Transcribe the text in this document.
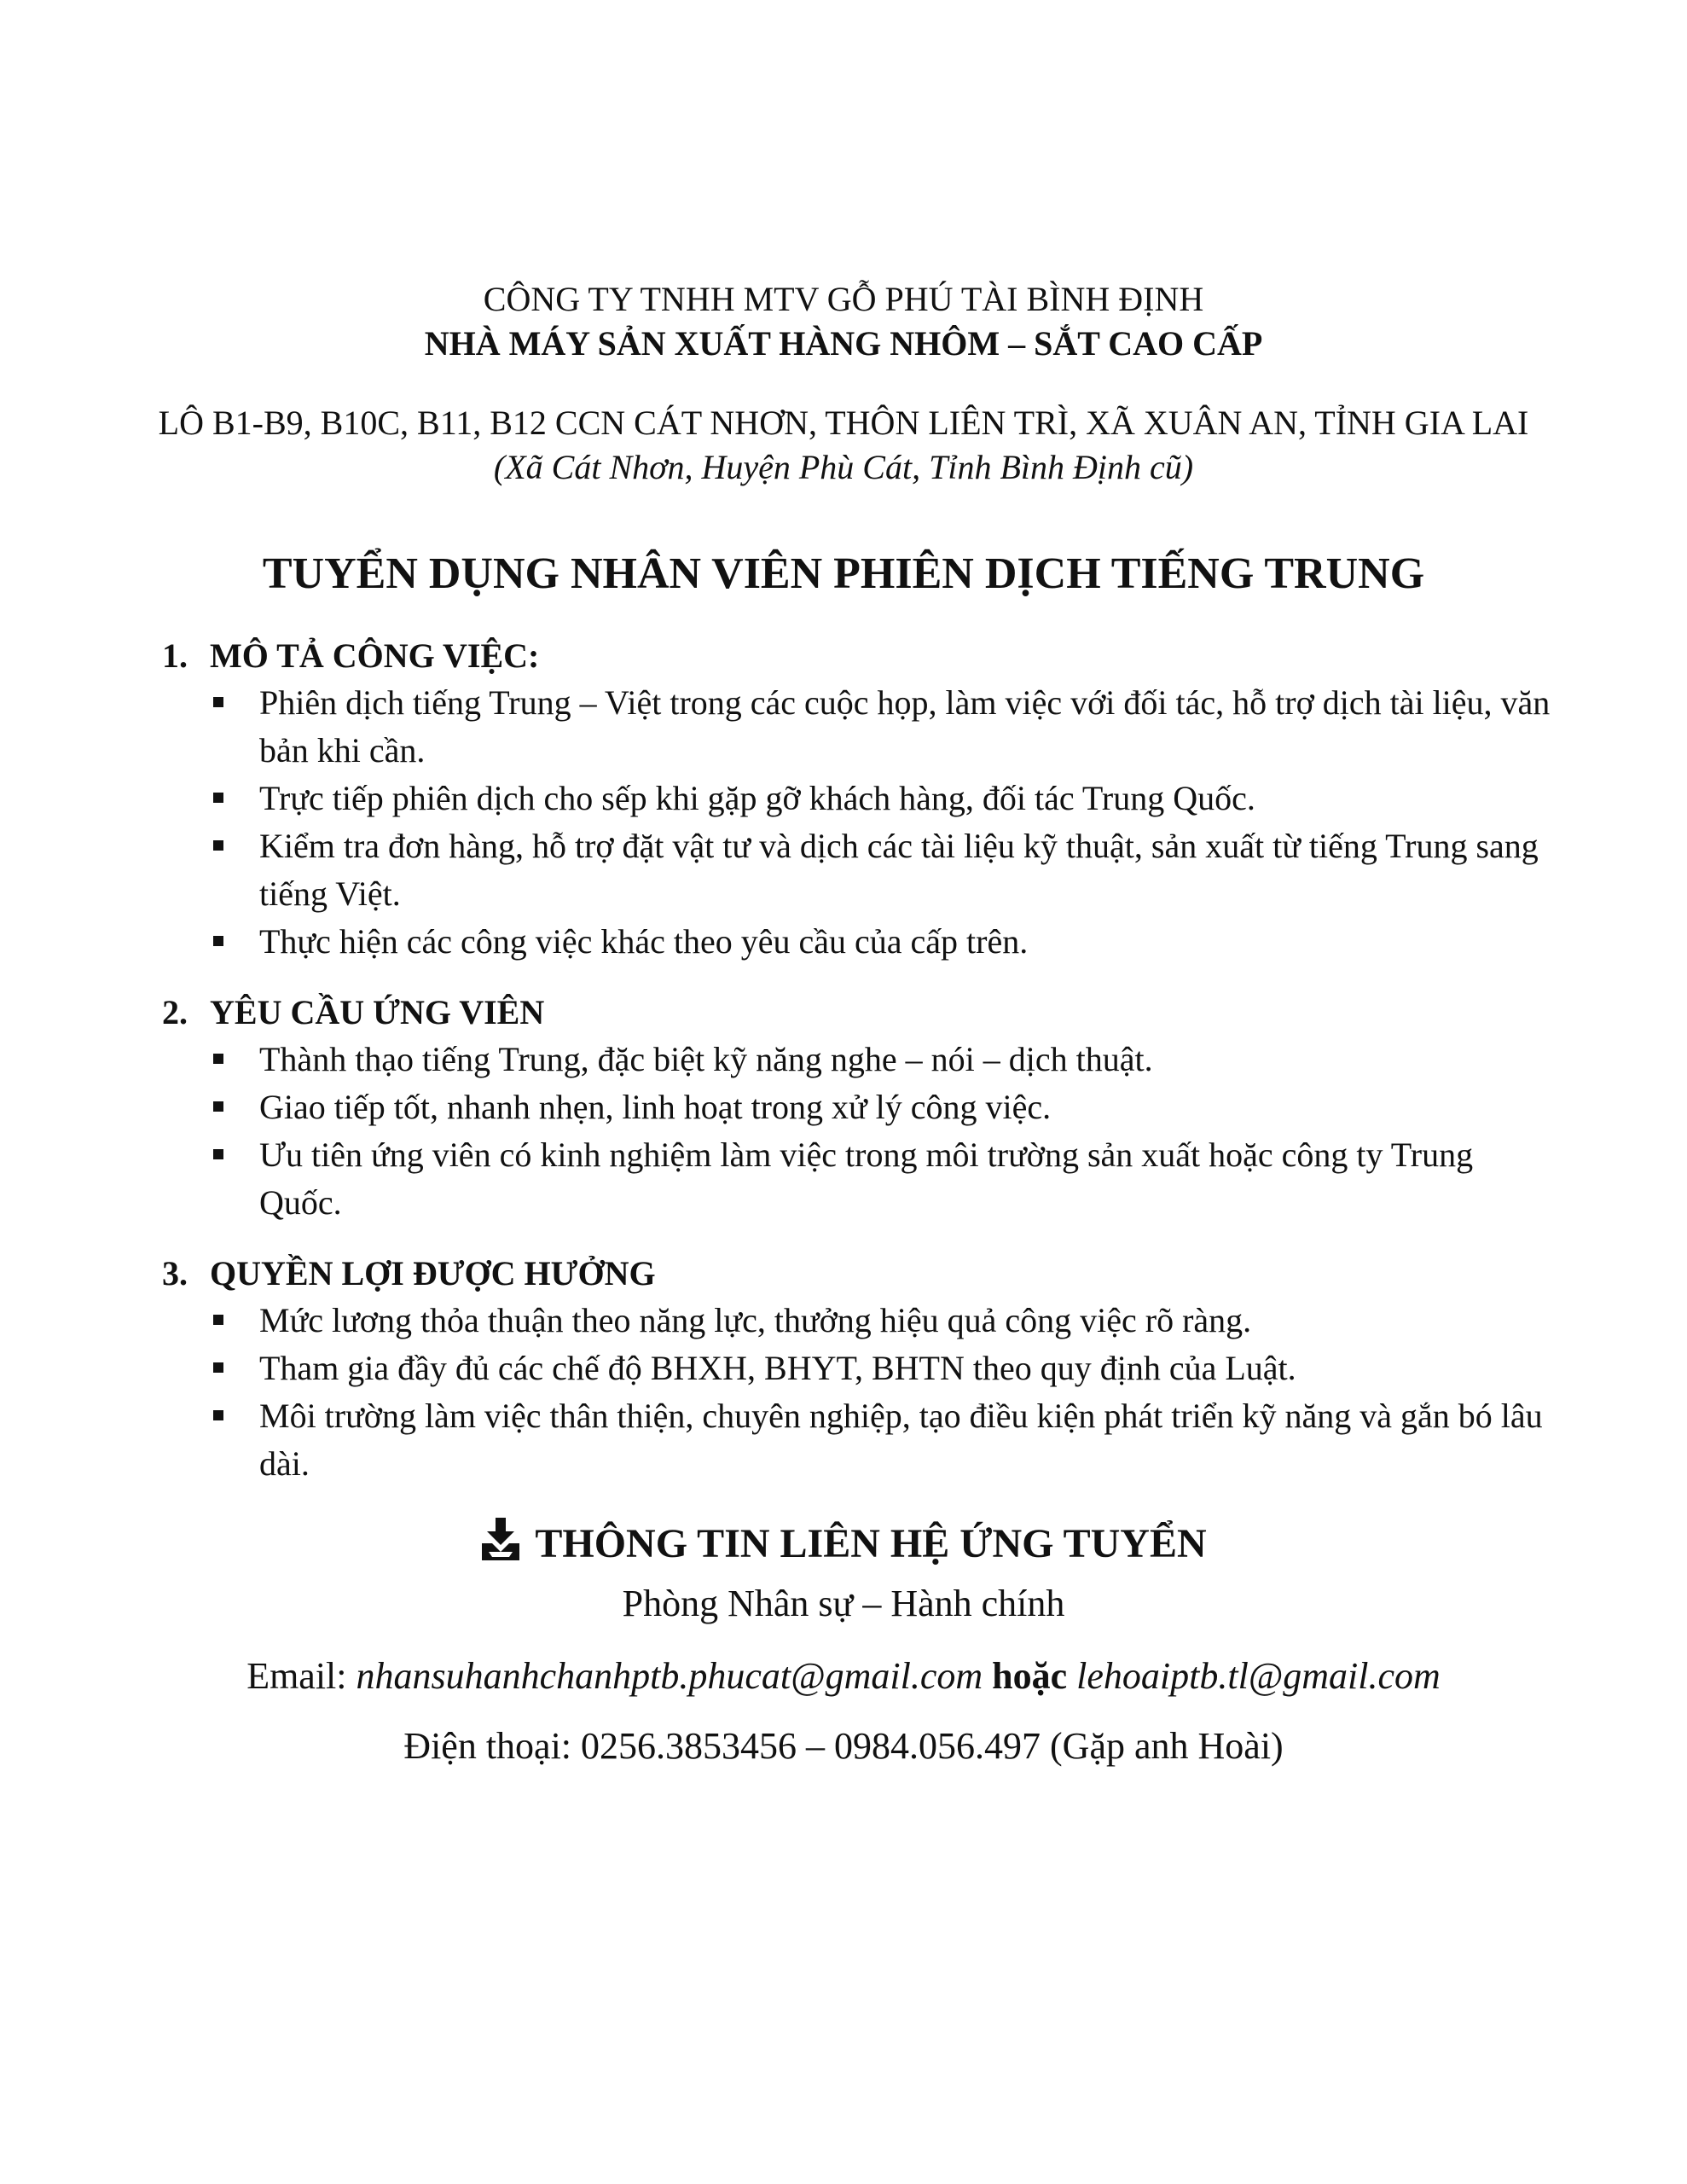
CÔNG TY TNHH MTV GỖ PHÚ TÀI BÌNH ĐỊNH
NHÀ MÁY SẢN XUẤT HÀNG NHÔM – SẮT CAO CẤP
LÔ B1-B9, B10C, B11, B12 CCN CÁT NHƠN, THÔN LIÊN TRÌ, XÃ XUÂN AN, TỈNH GIA LAI
(Xã Cát Nhơn, Huyện Phù Cát, Tỉnh Bình Định cũ)
TUYỂN DỤNG NHÂN VIÊN PHIÊN DỊCH TIẾNG TRUNG
1. MÔ TẢ CÔNG VIỆC:
Phiên dịch tiếng Trung – Việt trong các cuộc họp, làm việc với đối tác, hỗ trợ dịch tài liệu, văn bản khi cần.
Trực tiếp phiên dịch cho sếp khi gặp gỡ khách hàng, đối tác Trung Quốc.
Kiểm tra đơn hàng, hỗ trợ đặt vật tư và dịch các tài liệu kỹ thuật, sản xuất từ tiếng Trung sang tiếng Việt.
Thực hiện các công việc khác theo yêu cầu của cấp trên.
2. YÊU CẦU ỨNG VIÊN
Thành thạo tiếng Trung, đặc biệt kỹ năng nghe – nói – dịch thuật.
Giao tiếp tốt, nhanh nhẹn, linh hoạt trong xử lý công việc.
Ưu tiên ứng viên có kinh nghiệm làm việc trong môi trường sản xuất hoặc công ty Trung Quốc.
3. QUYỀN LỢI ĐƯỢC HƯỞNG
Mức lương thỏa thuận theo năng lực, thưởng hiệu quả công việc rõ ràng.
Tham gia đầy đủ các chế độ BHXH, BHYT, BHTN theo quy định của Luật.
Môi trường làm việc thân thiện, chuyên nghiệp, tạo điều kiện phát triển kỹ năng và gắn bó lâu dài.
THÔNG TIN LIÊN HỆ ỨNG TUYỂN
Phòng Nhân sự – Hành chính
Email: nhansuhanhchanhptb.phucat@gmail.com hoặc lehoaiptb.tl@gmail.com
Điện thoại: 0256.3853456 – 0984.056.497 (Gặp anh Hoài)
